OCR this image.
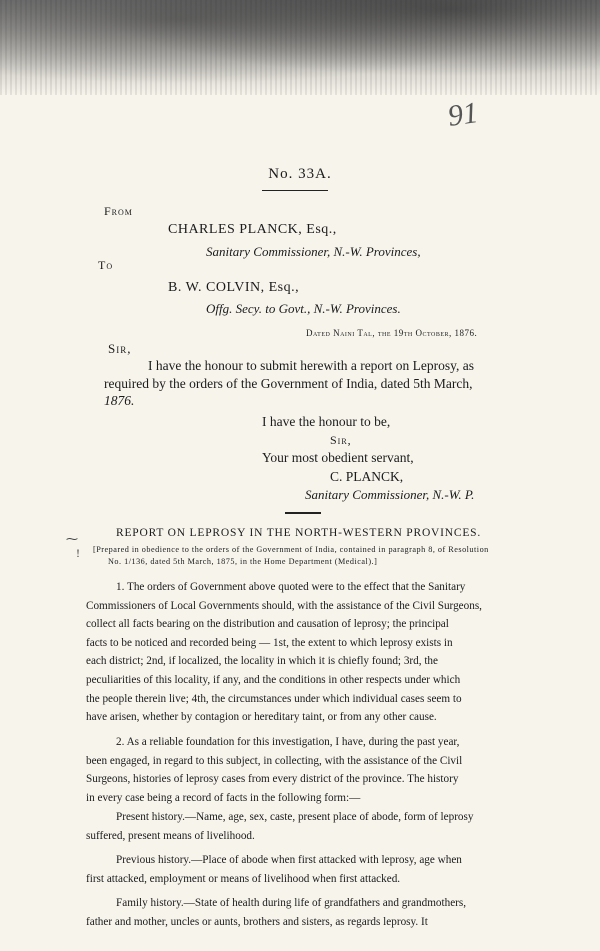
91
No. 33A.
From
CHARLES PLANCK, Esq.,
Sanitary Commissioner, N.-W. Provinces,
To
B. W. COLVIN, Esq.,
Offg. Secy. to Govt., N.-W. Provinces.
Dated Naini Tal, the 19th October, 1876.
Sir,
I have the honour to submit herewith a report on Leprosy, as
required by the orders of the Government of India, dated 5th March,
1876.
I have the honour to be,
Sir,
Your most obedient servant,
C. PLANCK,
Sanitary Commissioner, N.-W. P.
⁓
!
REPORT ON LEPROSY IN THE NORTH-WESTERN PROVINCES.
[Prepared in obedience to the orders of the Government of India, contained in paragraph 8, of Resolution
No. 1/136, dated 5th March, 1875, in the Home Department (Medical).]
1. The orders of Government above quoted were to the effect that the Sanitary
Commissioners of Local Governments should, with the assistance of the Civil Surgeons,
collect all facts bearing on the distribution and causation of leprosy; the principal
facts to be noticed and recorded being — 1st, the extent to which leprosy exists in
each district; 2nd, if localized, the locality in which it is chiefly found; 3rd, the
peculiarities of this locality, if any, and the conditions in other respects under which
the people therein live; 4th, the circumstances under which individual cases seem to
have arisen, whether by contagion or hereditary taint, or from any other cause.
2. As a reliable foundation for this investigation, I have, during the past year,
been engaged, in regard to this subject, in collecting, with the assistance of the Civil
Surgeons, histories of leprosy cases from every district of the province. The history
in every case being a record of facts in the following form:—
Present history.—Name, age, sex, caste, present place of abode, form of leprosy
suffered, present means of livelihood.
Previous history.—Place of abode when first attacked with leprosy, age when
first attacked, employment or means of livelihood when first attacked.
Family history.—State of health during life of grandfathers and grandmothers,
father and mother, uncles or aunts, brothers and sisters, as regards leprosy. It
